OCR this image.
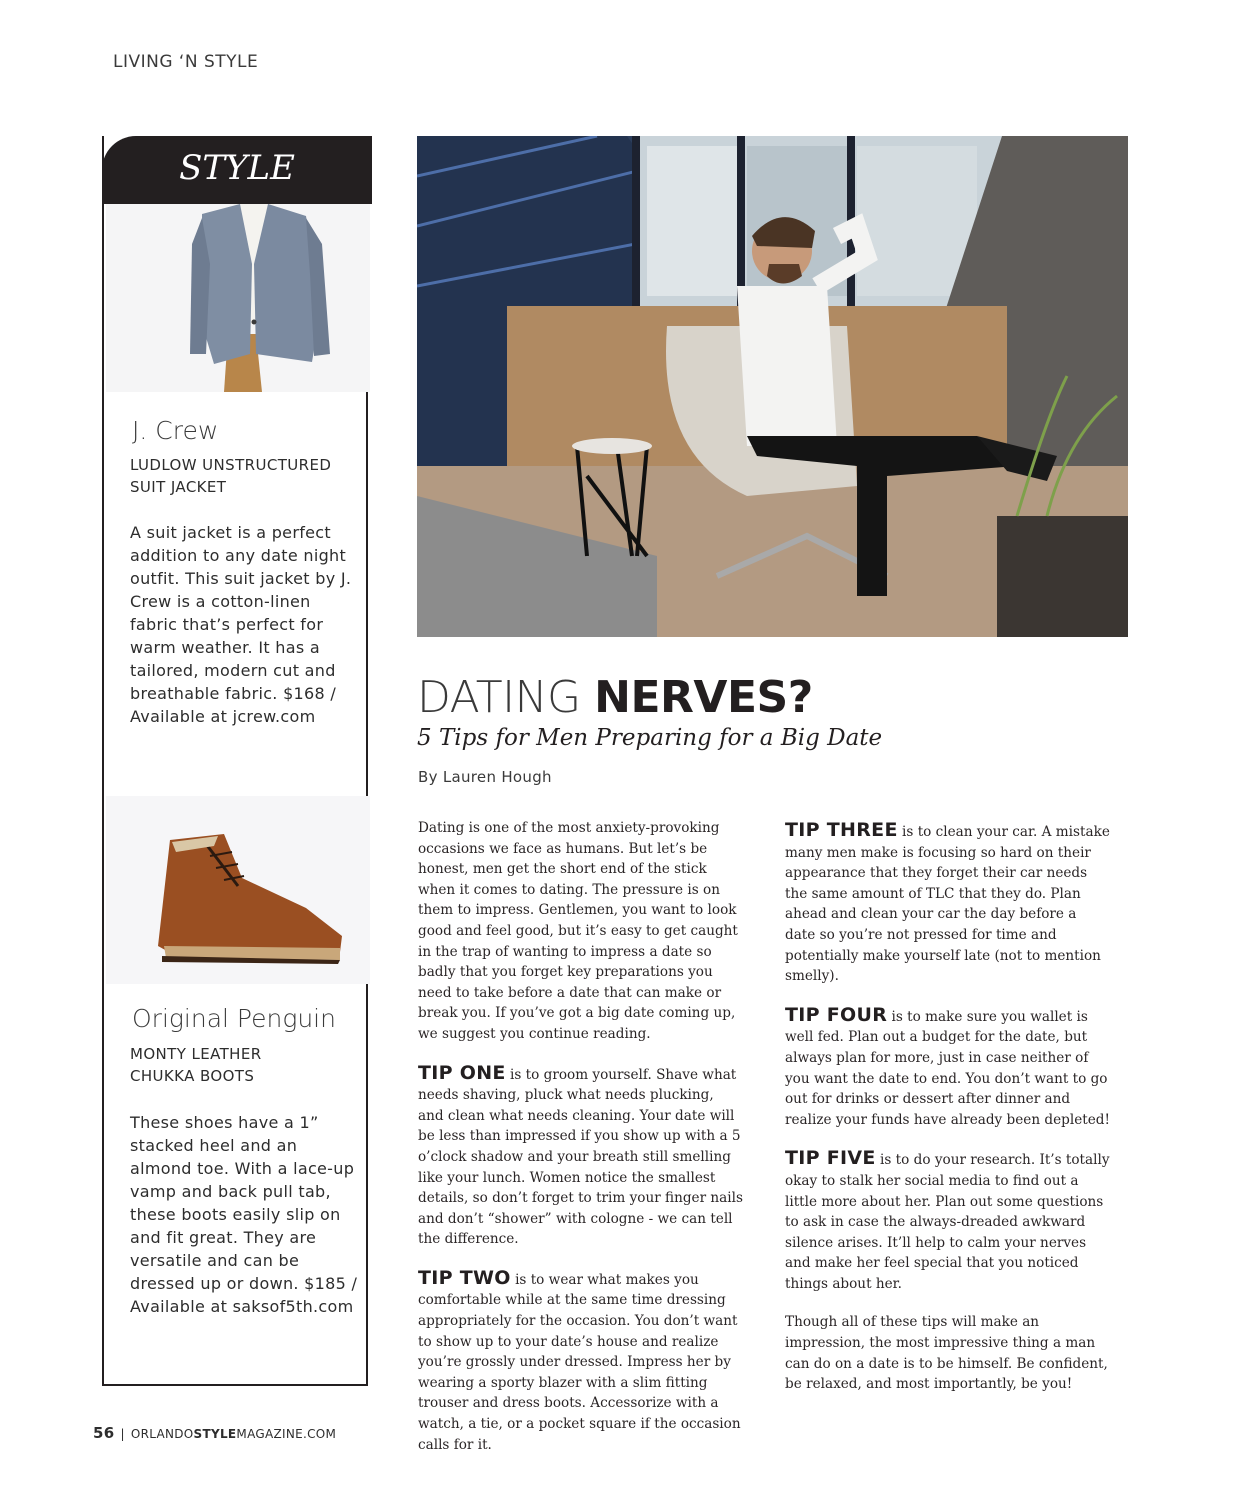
LIVING ‘N STYLE
STYLE
J. Crew
LUDLOW UNSTRUCTURED
SUIT JACKET
A suit jacket is a perfect addition to any date night outfit. This suit jacket by J. Crew is a cotton-linen fabric that’s perfect for warm weather. It has a tailored, modern cut and breathable fabric. $168 / Available at jcrew.com
Original Penguin
MONTY LEATHER
CHUKKA BOOTS
These shoes have a 1” stacked heel and an almond toe. With a lace-up vamp and back pull tab, these boots easily slip on and fit great. They are versatile and can be dressed up or down. $185 / Available at saksof5th.com
DATING NERVES?
5 Tips for Men Preparing for a Big Date
By Lauren Hough

Dating is one of the most anxiety-provoking occasions we face as humans. But let’s be honest, men get the short end of the stick when it comes to dating. The pressure is on them to impress. Gentlemen, you want to look good and feel good, but it’s easy to get caught in the trap of wanting to impress a date so badly that you forget key preparations you need to take before a date that can make or break you. If you’ve got a big date coming up, we suggest you continue reading.

TIP ONE is to groom yourself. Shave what needs shaving, pluck what needs plucking, and clean what needs cleaning. Your date will be less than impressed if you show up with a 5 o’clock shadow and your breath still smelling like your lunch. Women notice the smallest details, so don’t forget to trim your finger nails and don’t “shower” with cologne - we can tell the difference.

TIP TWO is to wear what makes you comfortable while at the same time dressing appropriately for the occasion. You don’t want to show up to your date’s house and realize you’re grossly under dressed. Impress her by wearing a sporty blazer with a slim fitting trouser and dress boots. Accessorize with a watch, a tie, or a pocket square if the occasion calls for it.

TIP THREE is to clean your car. A mistake many men make is focusing so hard on their appearance that they forget their car needs the same amount of TLC that they do. Plan ahead and clean your car the day before a date so you’re not pressed for time and potentially make yourself late (not to mention smelly).

TIP FOUR is to make sure you wallet is well fed. Plan out a budget for the date, but always plan for more, just in case neither of you want the date to end. You don’t want to go out for drinks or dessert after dinner and realize your funds have already been depleted!

TIP FIVE is to do your research. It’s totally okay to stalk her social media to find out a little more about her. Plan out some questions to ask in case the always-dreaded awkward silence arises. It’ll help to calm your nerves and make her feel special that you noticed things about her.

Though all of these tips will make an impression, the most impressive thing a man can do on a date is to be himself. Be confident, be relaxed, and most importantly, be you!

56 | ORLANDOSTYLEMAGAZINE.COM
